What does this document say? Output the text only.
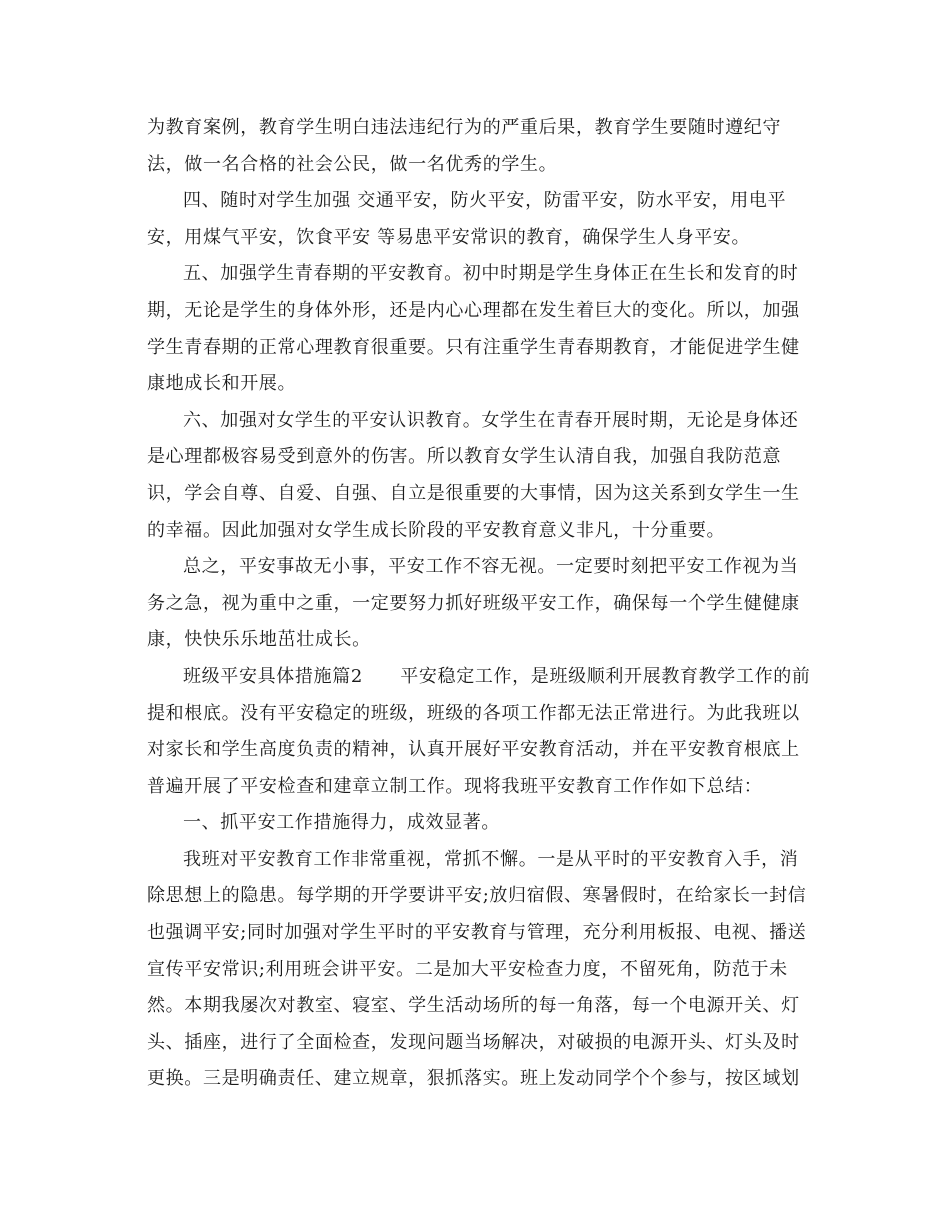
为教育案例，教育学生明白违法违纪行为的严重后果，教育学生要随时遵纪守
法，做一名合格的社会公民，做一名优秀的学生。
四、随时对学生加强 交通平安，防火平安，防雷平安，防水平安，用电平
安，用煤气平安，饮食平安 等易患平安常识的教育，确保学生人身平安。
五、加强学生青春期的平安教育。初中时期是学生身体正在生长和发育的时
期，无论是学生的身体外形，还是内心心理都在发生着巨大的变化。所以，加强
学生青春期的正常心理教育很重要。只有注重学生青春期教育，才能促进学生健
康地成长和开展。
六、加强对女学生的平安认识教育。女学生在青春开展时期，无论是身体还
是心理都极容易受到意外的伤害。所以教育女学生认清自我，加强自我防范意
识，学会自尊、自爱、自强、自立是很重要的大事情，因为这关系到女学生一生
的幸福。因此加强对女学生成长阶段的平安教育意义非凡，十分重要。
总之，平安事故无小事，平安工作不容无视。一定要时刻把平安工作视为当
务之急，视为重中之重，一定要努力抓好班级平安工作，确保每一个学生健健康
康，快快乐乐地茁壮成长。
班级平安具体措施篇2　　平安稳定工作，是班级顺利开展教育教学工作的前
提和根底。没有平安稳定的班级，班级的各项工作都无法正常进行。为此我班以
对家长和学生高度负责的精神，认真开展好平安教育活动，并在平安教育根底上
普遍开展了平安检查和建章立制工作。现将我班平安教育工作作如下总结：
一、抓平安工作措施得力，成效显著。
我班对平安教育工作非常重视，常抓不懈。一是从平时的平安教育入手，消
除思想上的隐患。每学期的开学要讲平安;放归宿假、寒暑假时，在给家长一封信
也强调平安;同时加强对学生平时的平安教育与管理，充分利用板报、电视、播送
宣传平安常识;利用班会讲平安。二是加大平安检查力度，不留死角，防范于未
然。本期我屡次对教室、寝室、学生活动场所的每一角落，每一个电源开关、灯
头、插座，进行了全面检查，发现问题当场解决，对破损的电源开头、灯头及时
更换。三是明确责任、建立规章，狠抓落实。班上发动同学个个参与，按区域划
